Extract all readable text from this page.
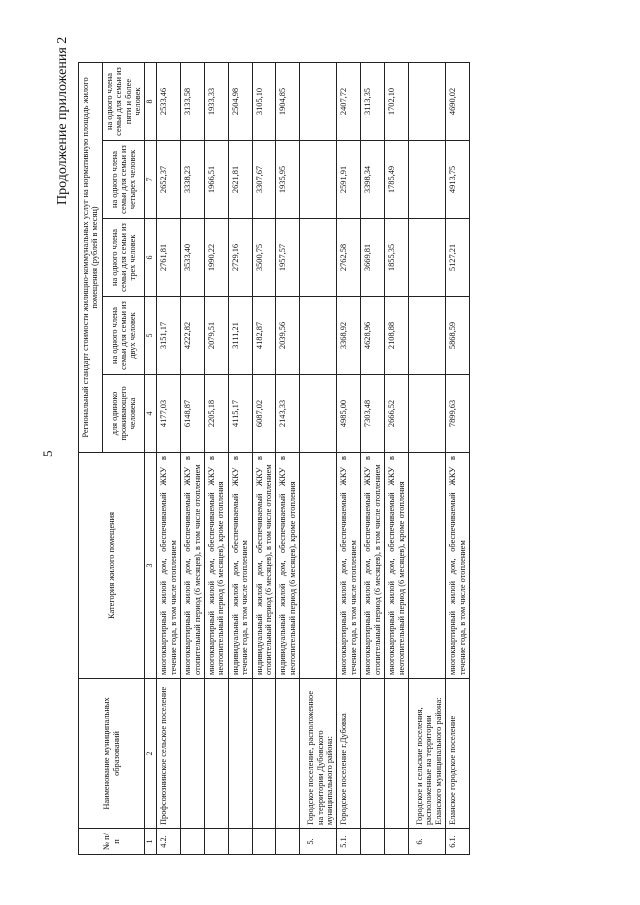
5
Продолжение приложения 2
№ п/п	Наименование муниципальных образований	Категория жилого помещения	Региональный стандарт стоимости жилищно-коммунальных услуг на нормативную площадь жилого помещения (рублей в месяц)				
			для одиноко проживающего человека	на одного члена семьи для семьи из двух человек	на одного члена семьи для семьи из трех человек	на одного члена семьи для семьи из четырех человек	на одного члена семьи для семьи из пяти и более человек
1	2	3	4	5	6	7	8
4.2.	Профсоюзнинское сельское поселение	многоквартирный жилой дом, обеспечиваемый ЖКУ в течение года, в том числе отоплением	4177,03	3151,17	2761,81	2652,37	2533,46
		многоквартирный жилой дом, обеспечиваемый ЖКУ в отопительный период (6 месяцев), в том числе отоплением	6148,87	4222,82	3533,40	3338,23	3133,58
		многоквартирный жилой дом, обеспечиваемый ЖКУ в неотопительный период (6 месяцев), кроме отопления	2205,18	2079,51	1990,22	1966,51	1933,33
		индивидуальный жилой дом, обеспечиваемый ЖКУ в течение года, в том числе отоплением	4115,17	3111,21	2729,16	2621,81	2504,98
		индивидуальный жилой дом, обеспечиваемый ЖКУ в отопительный период (6 месяцев), в том числе отоплением	6087,02	4182,87	3500,75	3307,67	3105,10
		индивидуальный жилой дом, обеспечиваемый ЖКУ в неотопительный период (6 месяцев), кроме отопления	2143,33	2039,56	1957,57	1935,95	1904,85
5.	Городское поселение, расположенное на территории Дубовского муниципального района:						
5.1.	Городское поселение г.Дубовка	многоквартирный жилой дом, обеспечиваемый ЖКУ в течение года, в том числе отоплением	4985,00	3368,92	2762,58	2591,91	2407,72
		многоквартирный жилой дом, обеспечиваемый ЖКУ в отопительный период (6 месяцев), в том числе отоплением	7303,48	4628,96	3669,81	3398,34	3113,35
		многоквартирный жилой дом, обеспечиваемый ЖКУ в неотопительный период (6 месяцев), кроме отопления	2666,52	2108,88	1855,35	1785,49	1702,10
6.	Городское и сельские поселения, расположенные на территории Еланского муниципального района:						
6.1.	Еланское городское поселение	многоквартирный жилой дом, обеспечиваемый ЖКУ в течение года, в том числе отоплением	7899,63	5868,59	5127,21	4913,75	4690,02
